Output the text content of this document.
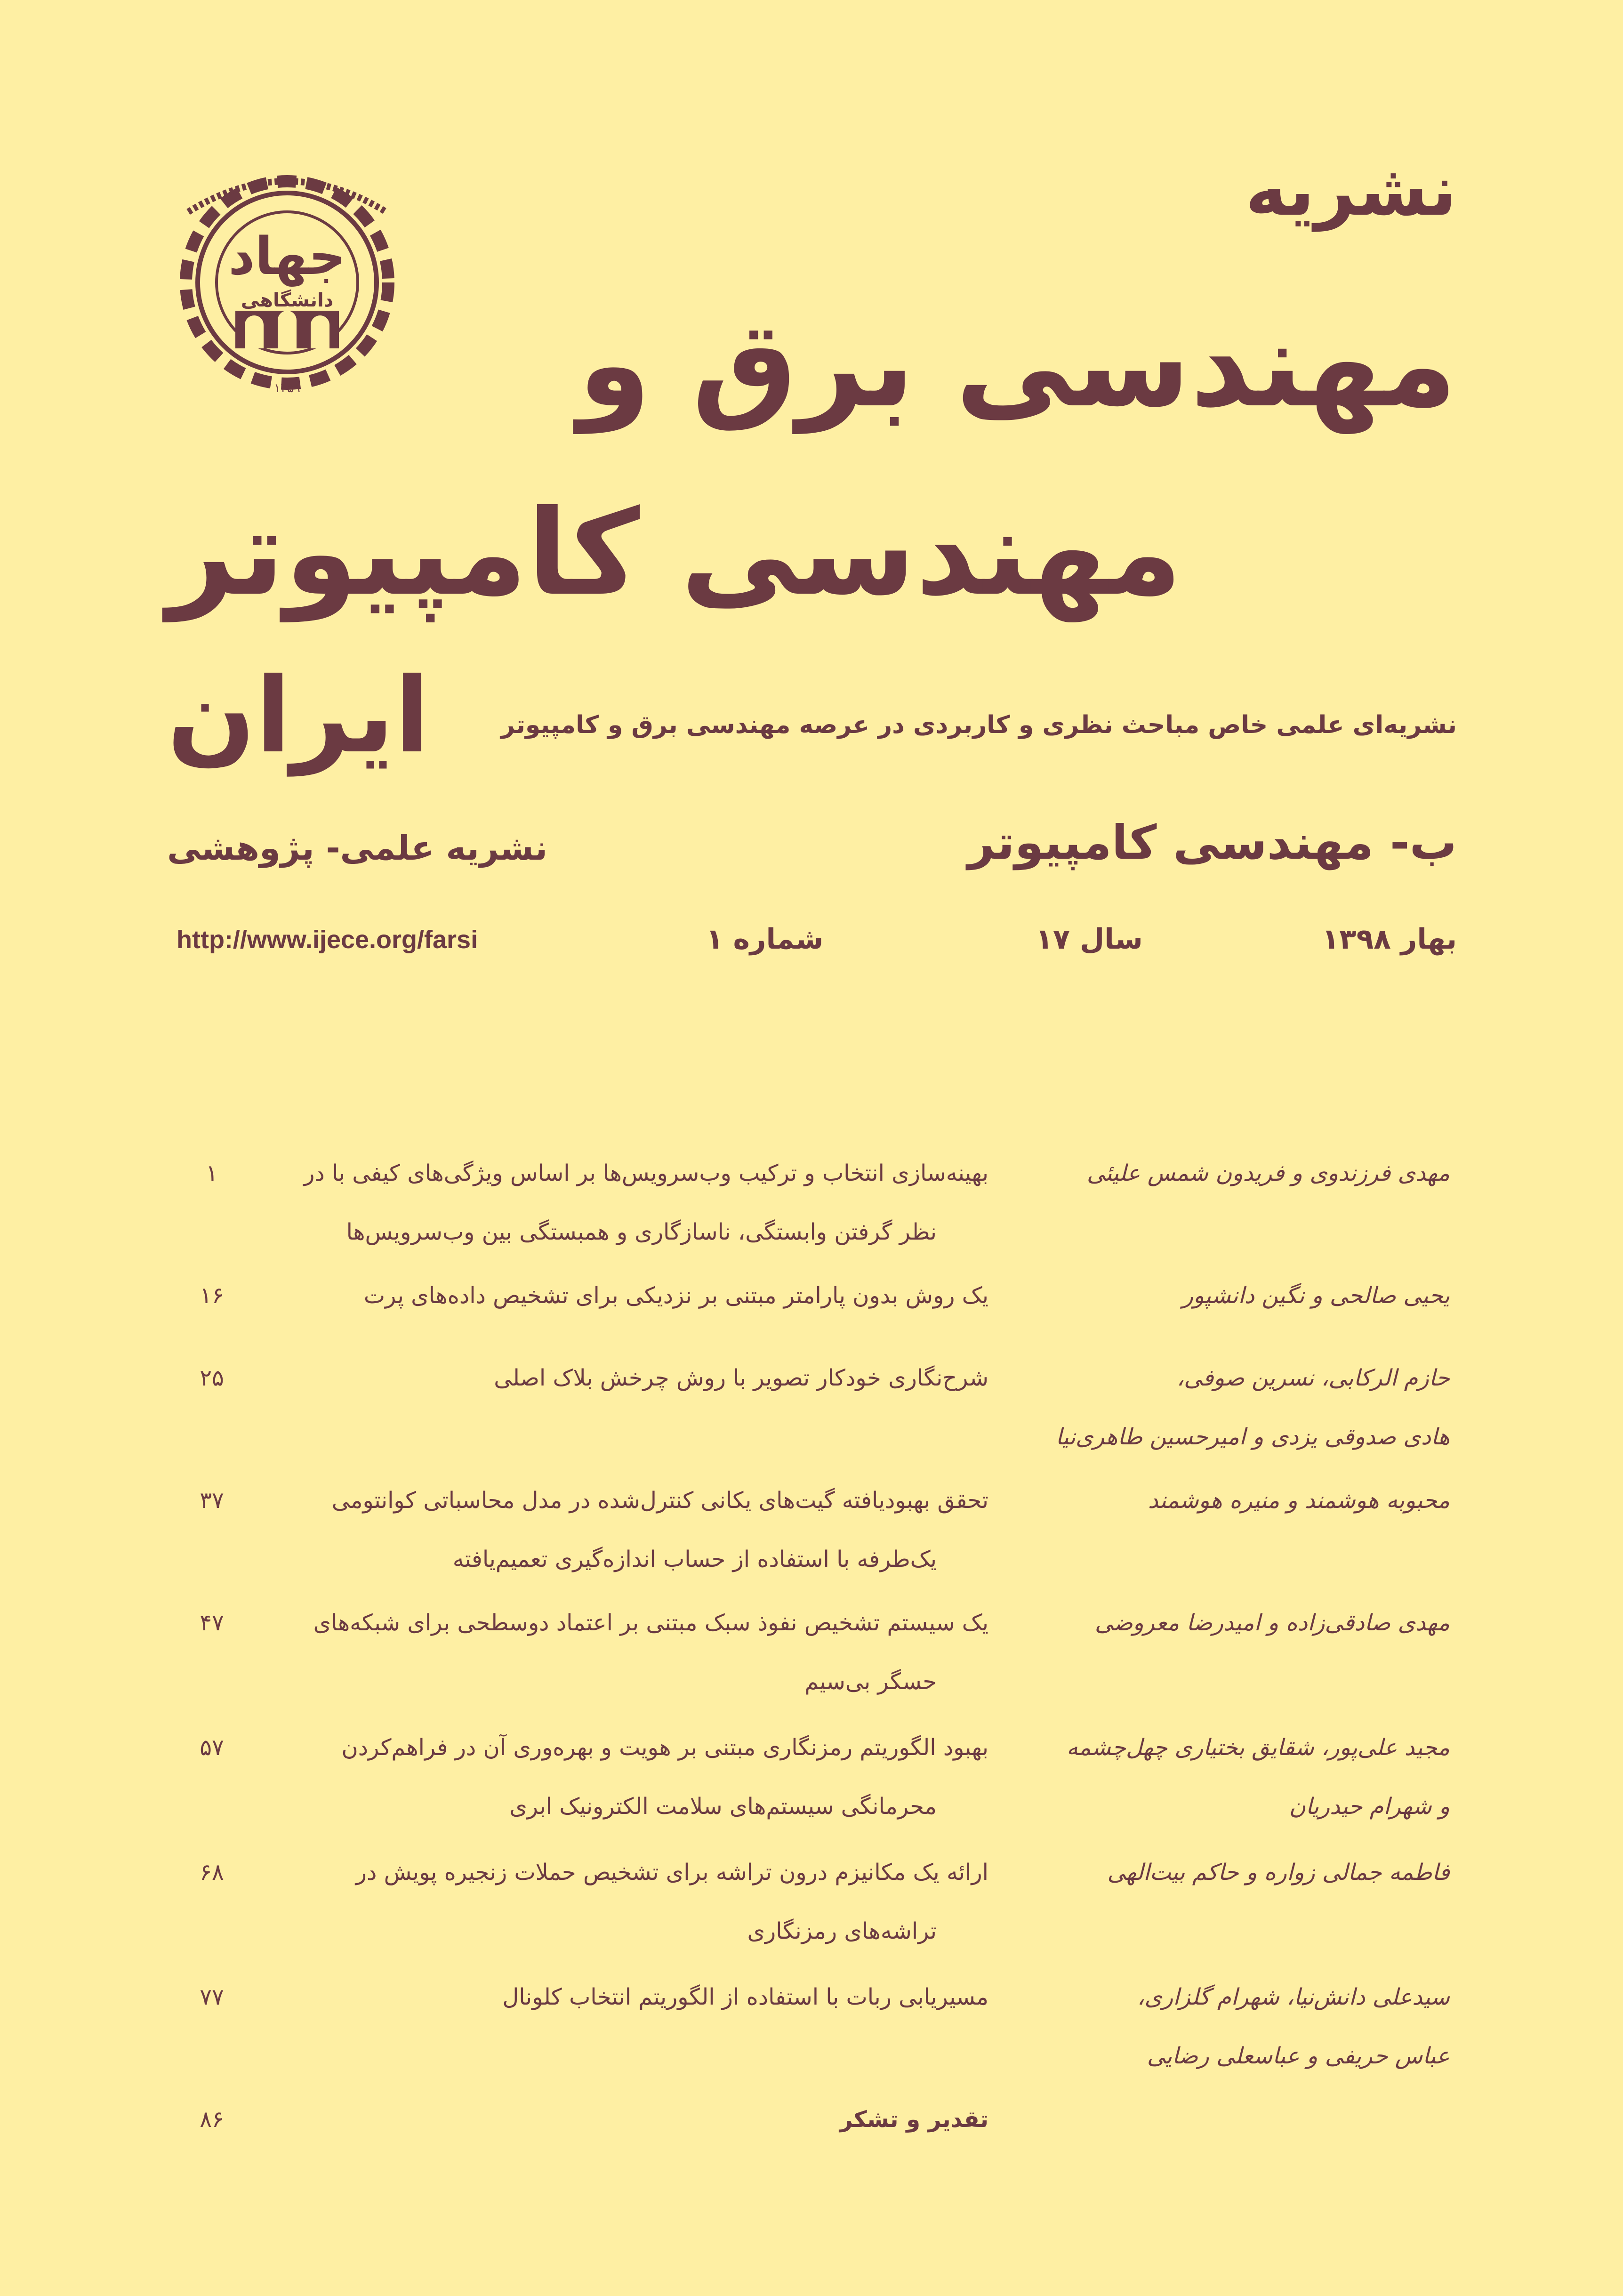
جهاد
دانشگاهی
۱۳۵۹
نشریه
مهندسی برق و
مهندسی کامپیوتر
ایران	نشریه‌ای علمی خاص مباحث نظری و کاربردی در عرصه مهندسی برق و کامپیوتر
ب- مهندسی کامپیوتر
نشریه علمی- پژوهشی
بهار ۱۳۹۸
سال ۱۷
شماره ۱
http://www.ijece.org/farsi
مهدی فرزندوی و فریدون شمس علیئی
بهینه‌سازی انتخاب و ترکیب وب‌سرویس‌ها بر اساس ویژگی‌های کیفی با در
نظر گرفتن وابستگی، ناسازگاری و همبستگی بین وب‌سرویس‌ها
۱
یحیی صالحی و نگین دانشپور
یک روش بدون پارامتر مبتنی بر نزدیکی برای تشخیص داده‌های پرت
۱۶
حازم الرکابی، نسرین صوفی،
هادی صدوقی یزدی و امیرحسین طاهری‌نیا
شرح‌نگاری خودکار تصویر با روش چرخش بلاک اصلی
۲۵
محبوبه هوشمند و منیره هوشمند
تحقق بهبودیافته گیت‌های یکانی کنترل‌شده در مدل محاسباتی کوانتومی
یک‌طرفه با استفاده از حساب اندازه‌گیری تعمیم‌یافته
۳۷
مهدی صادقی‌زاده و امیدرضا معروضی
یک سیستم تشخیص نفوذ سبک مبتنی بر اعتماد دوسطحی برای شبکه‌های
حسگر بی‌سیم
۴۷
مجید علی‌پور، شقایق بختیاری چهل‌چشمه
و شهرام حیدریان
بهبود الگوریتم رمزنگاری مبتنی بر هویت و بهره‌وری آن در فراهم‌کردن
محرمانگی سیستم‌های سلامت الکترونیک ابری
۵۷
فاطمه جمالی زواره و حاکم بیت‌الهی
ارائه یک مکانیزم درون تراشه برای تشخیص حملات زنجیره پویش در
تراشه‌های رمزنگاری
۶۸
سیدعلی دانش‌نیا، شهرام گلزاری،
عباس حریفی و عباسعلی رضایی
مسیریابی ربات با استفاده از الگوریتم انتخاب کلونال
۷۷
تقدیر و تشکر
۸۶
